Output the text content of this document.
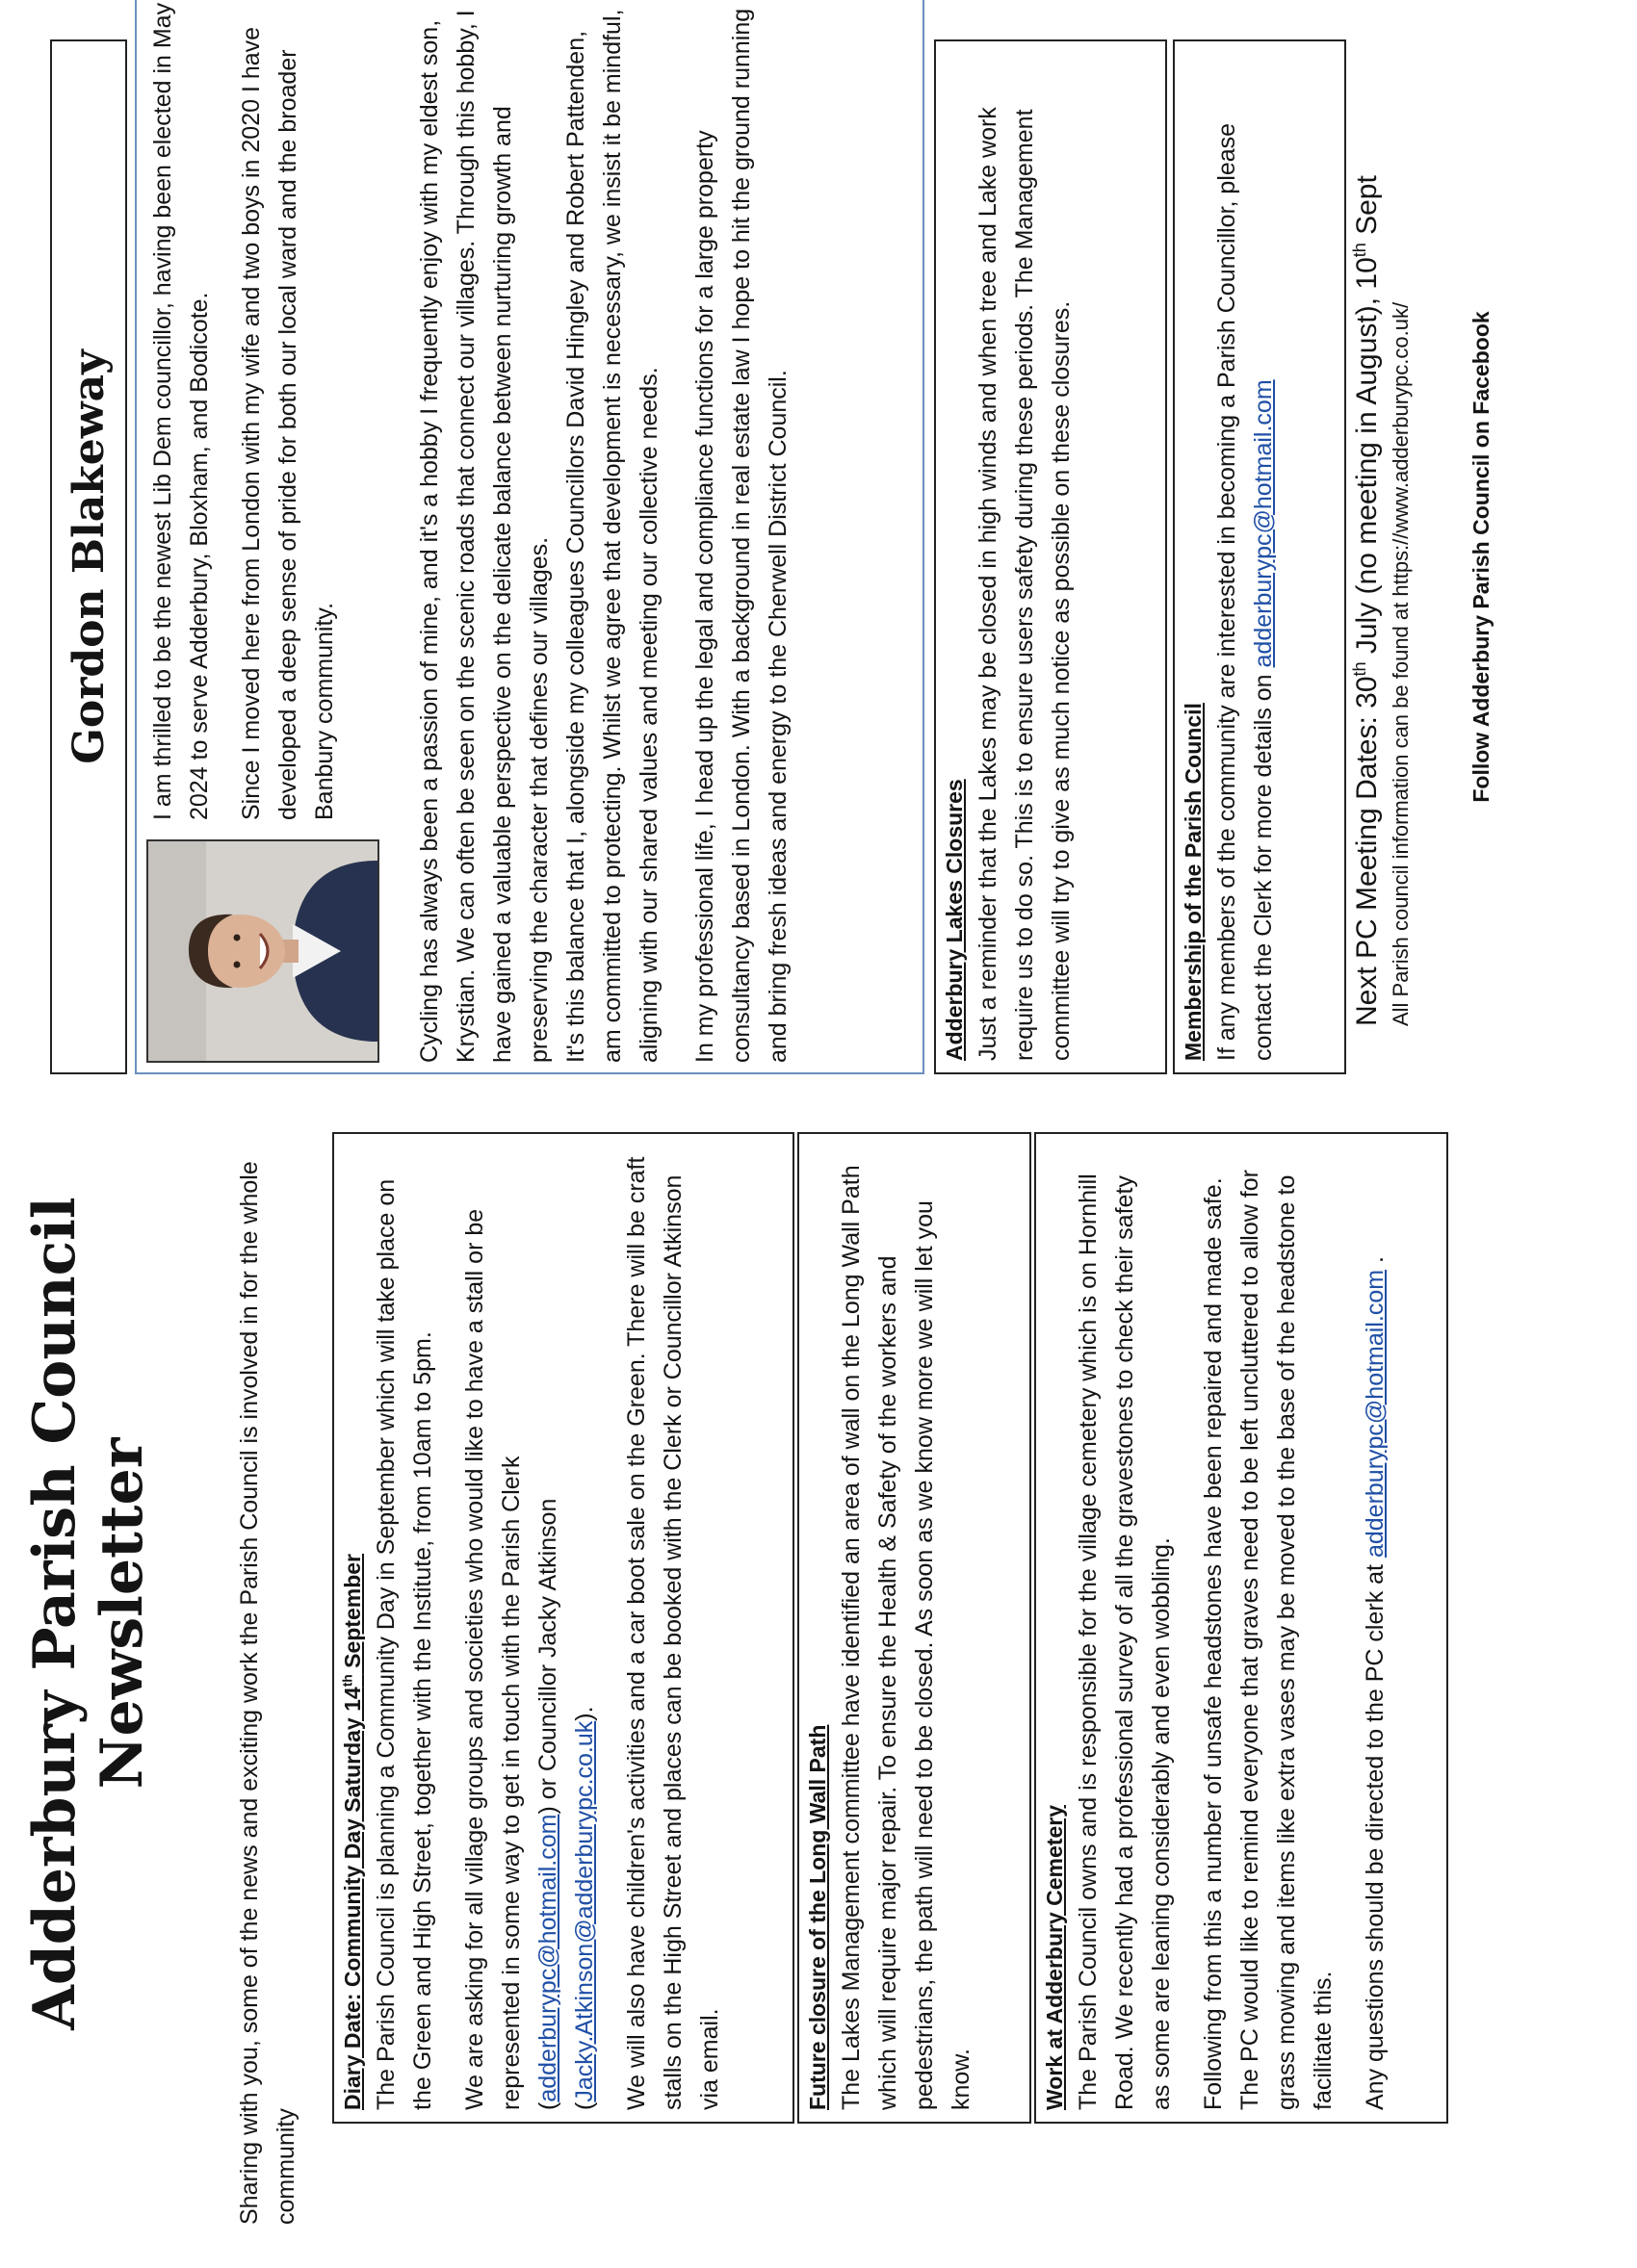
Adderbury Parish Council Newsletter	Sharing with you, some of the news and exciting work the Parish Council is involved in for the whole community
Diary Date: Community Day Saturday 14th September The Parish Council is planning a Community Day in September which will take place on the Green and High Street, together with the Institute, from 10am to 5pm. We are asking for all village groups and societies who would like to have a stall or be represented in some way to get in touch with the Parish Clerk (adderburypc@hotmail.com) or Councillor Jacky Atkinson (Jacky.Atkinson@adderburypc.co.uk). We will also have children's activities and a car boot sale on the Green. There will be craft stalls on the High Street and places can be booked with the Clerk or Councillor Atkinson via email.	Future closure of the Long Wall Path The Lakes Management committee have identified an area of wall on the Long Wall Path which will require major repair. To ensure the Health & Safety of the workers and pedestrians, the path will need to be closed. As soon as we know more we will let you know.	Work at Adderbury Cemetery The Parish Council owns and is responsible for the village cemetery which is on Hornhill Road. We recently had a professional survey of all the gravestones to check their safety as some are leaning considerably and even wobbling. Following from this a number of unsafe headstones have been repaired and made safe. The PC would like to remind everyone that graves need to be left uncluttered to allow for grass mowing and items like extra vases may be moved to the base of the headstone to facilitate this. Any questions should be directed to the PC clerk at adderburypc@hotmail.com .

Gordon Blakeway I am thrilled to be the newest Lib Dem councillor, having been elected in May 2024 to serve Adderbury, Bloxham, and Bodicote. Since I moved here from London with my wife and two boys in 2020 I have developed a deep sense of pride for both our local ward and the broader Banbury community.	Cycling has always been a passion of mine, and it's a hobby I frequently enjoy with my eldest son, Krystian. We can often be seen on the scenic roads that connect our villages. Through this hobby, I have gained a valuable perspective on the delicate balance between nurturing growth and preserving the character that defines our villages. It's this balance that I, alongside my colleagues Councillors David Hingley and Robert Pattenden, am committed to protecting. Whilst we agree that development is necessary, we insist it be mindful, aligning with our shared values and meeting our collective needs. In my professional life, I head up the legal and compliance functions for a large property consultancy based in London. With a background in real estate law I hope to hit the ground running and bring fresh ideas and energy to the Cherwell District Council.	Adderbury Lakes Closures Just a reminder that the Lakes may be closed in high winds and when tree and Lake work require us to do so. This is to ensure users safety during these periods. The Management committee will try to give as much notice as possible on these closures.	Membership of the Parish Council If any members of the community are interested in becoming a Parish Councillor, please contact the Clerk for more details on adderburypc@hotmail.com

Next PC Meeting Dates: 30th July (no meeting in August), 10th Sept
All Parish council information can be found at https://www.adderburypc.co.uk/	Follow Adderbury Parish Council on Facebook
